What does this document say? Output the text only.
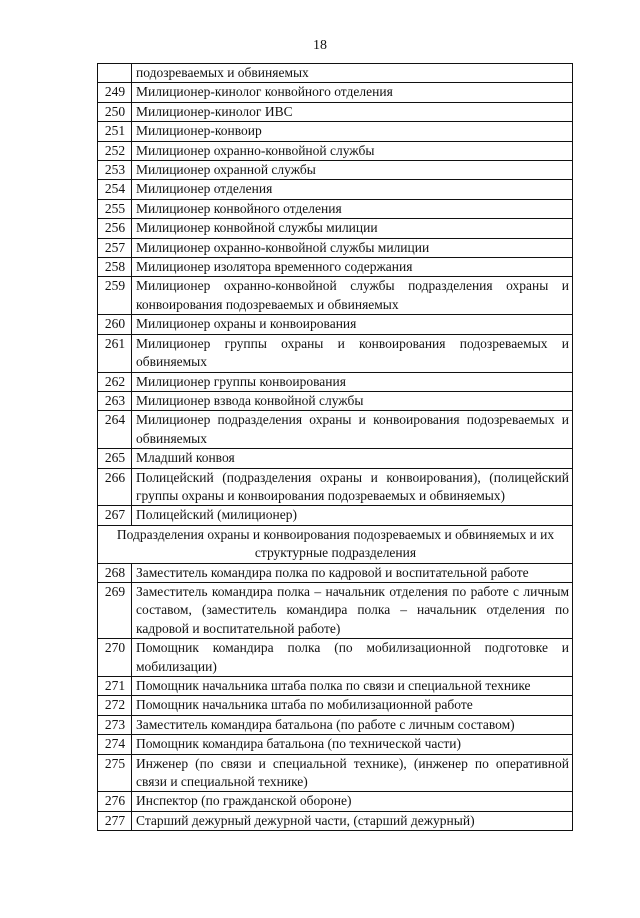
18
	подозреваемых и обвиняемых
249	Милиционер-кинолог конвойного отделения
250	Милиционер-кинолог ИВС
251	Милиционер-конвоир
252	Милиционер охранно-конвойной службы
253	Милиционер охранной службы
254	Милиционер отделения
255	Милиционер конвойного отделения
256	Милиционер конвойной службы милиции
257	Милиционер охранно-конвойной службы милиции
258	Милиционер изолятора временного содержания
259	Милиционер охранно-конвойной службы подразделения охраны и конвоирования подозреваемых и обвиняемых
260	Милиционер охраны и конвоирования
261	Милиционер группы охраны и конвоирования подозреваемых и обвиняемых
262	Милиционер группы конвоирования
263	Милиционер взвода конвойной службы
264	Милиционер подразделения охраны и конвоирования подозреваемых и обвиняемых
265	Младший конвоя
266	Полицейский (подразделения охраны и конвоирования), (полицейский группы охраны и конвоирования подозреваемых и обвиняемых)
267	Полицейский (милиционер)
Подразделения охраны и конвоирования подозреваемых и обвиняемых и их структурные подразделения	
268	Заместитель командира полка по кадровой и воспитательной работе
269	Заместитель командира полка – начальник отделения по работе с личным составом, (заместитель командира полка – начальник отделения по кадровой и воспитательной работе)
270	Помощник командира полка (по мобилизационной подготовке и мобилизации)
271	Помощник начальника штаба полка по связи и специальной технике
272	Помощник начальника штаба по мобилизационной работе
273	Заместитель командира батальона (по работе с личным составом)
274	Помощник командира батальона (по технической части)
275	Инженер (по связи и специальной технике), (инженер по оперативной связи и специальной технике)
276	Инспектор (по гражданской обороне)
277	Старший дежурный дежурной части, (старший дежурный)
